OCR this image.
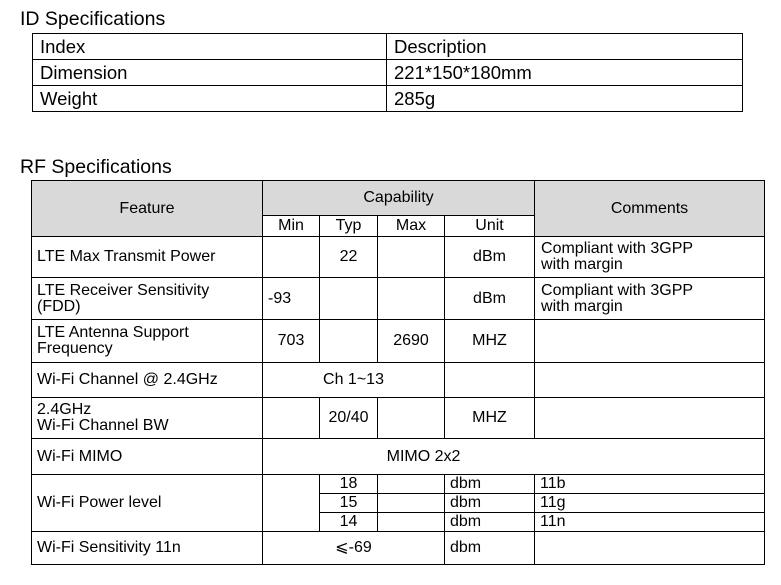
ID Specifications
Index	Description
Dimension	221*150*180mm
Weight	285g
RF Specifications
Feature	Capability				Comments
	Min	Typ	Max	Unit	
LTE Max Transmit Power		22		dBm	Compliant with 3GPP
with margin
LTE Receiver Sensitivity
(FDD)	-93			dBm	Compliant with 3GPP
with margin
LTE Antenna Support
Frequency	703		2690	MHZ	
Wi-Fi Channel @ 2.4GHz	Ch 1~13				
2.4GHz
Wi-Fi Channel BW		20/40		MHZ	
Wi-Fi MIMO	MIMO 2x2				
Wi-Fi Power level		18		dbm	11b
		15		dbm	11g
		14		dbm	11n
Wi-Fi Sensitivity 11n	⩽-69			dbm	
